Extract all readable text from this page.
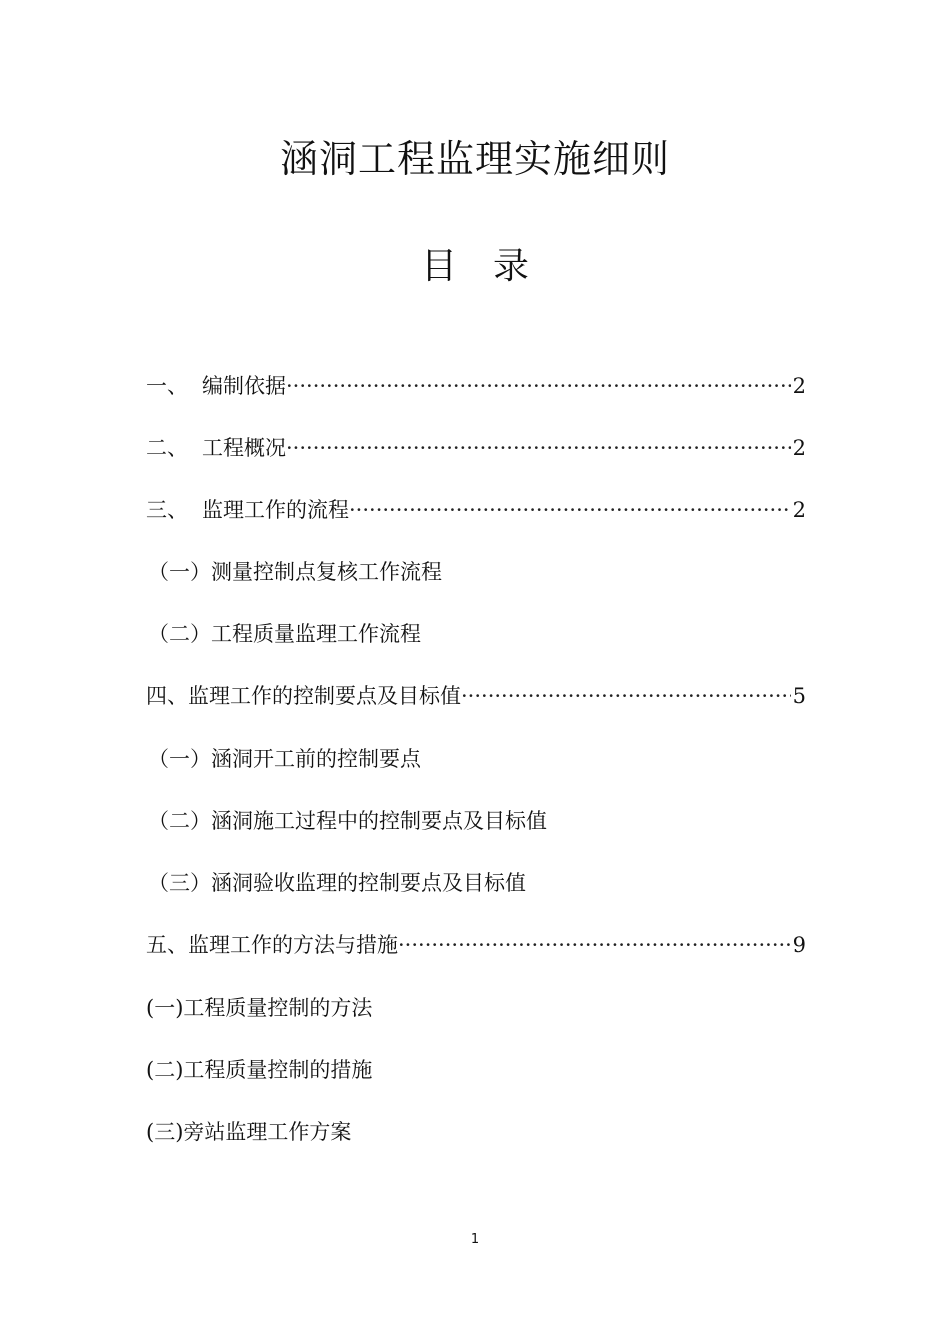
涵洞工程监理实施细则
目　录
一、 编制依据 ·····	2
二、 工程概况 ·····	2
三、 监理工作的流程 ·····	2
（一）测量控制点复核工作流程
（二）工程质量监理工作流程
四、监理工作的控制要点及目标值 ·····	5
（一）涵洞开工前的控制要点
（二）涵洞施工过程中的控制要点及目标值
（三）涵洞验收监理的控制要点及目标值
五、监理工作的方法与措施 ·····	9
(一)工程质量控制的方法
(二)工程质量控制的措施
(三)旁站监理工作方案
1
